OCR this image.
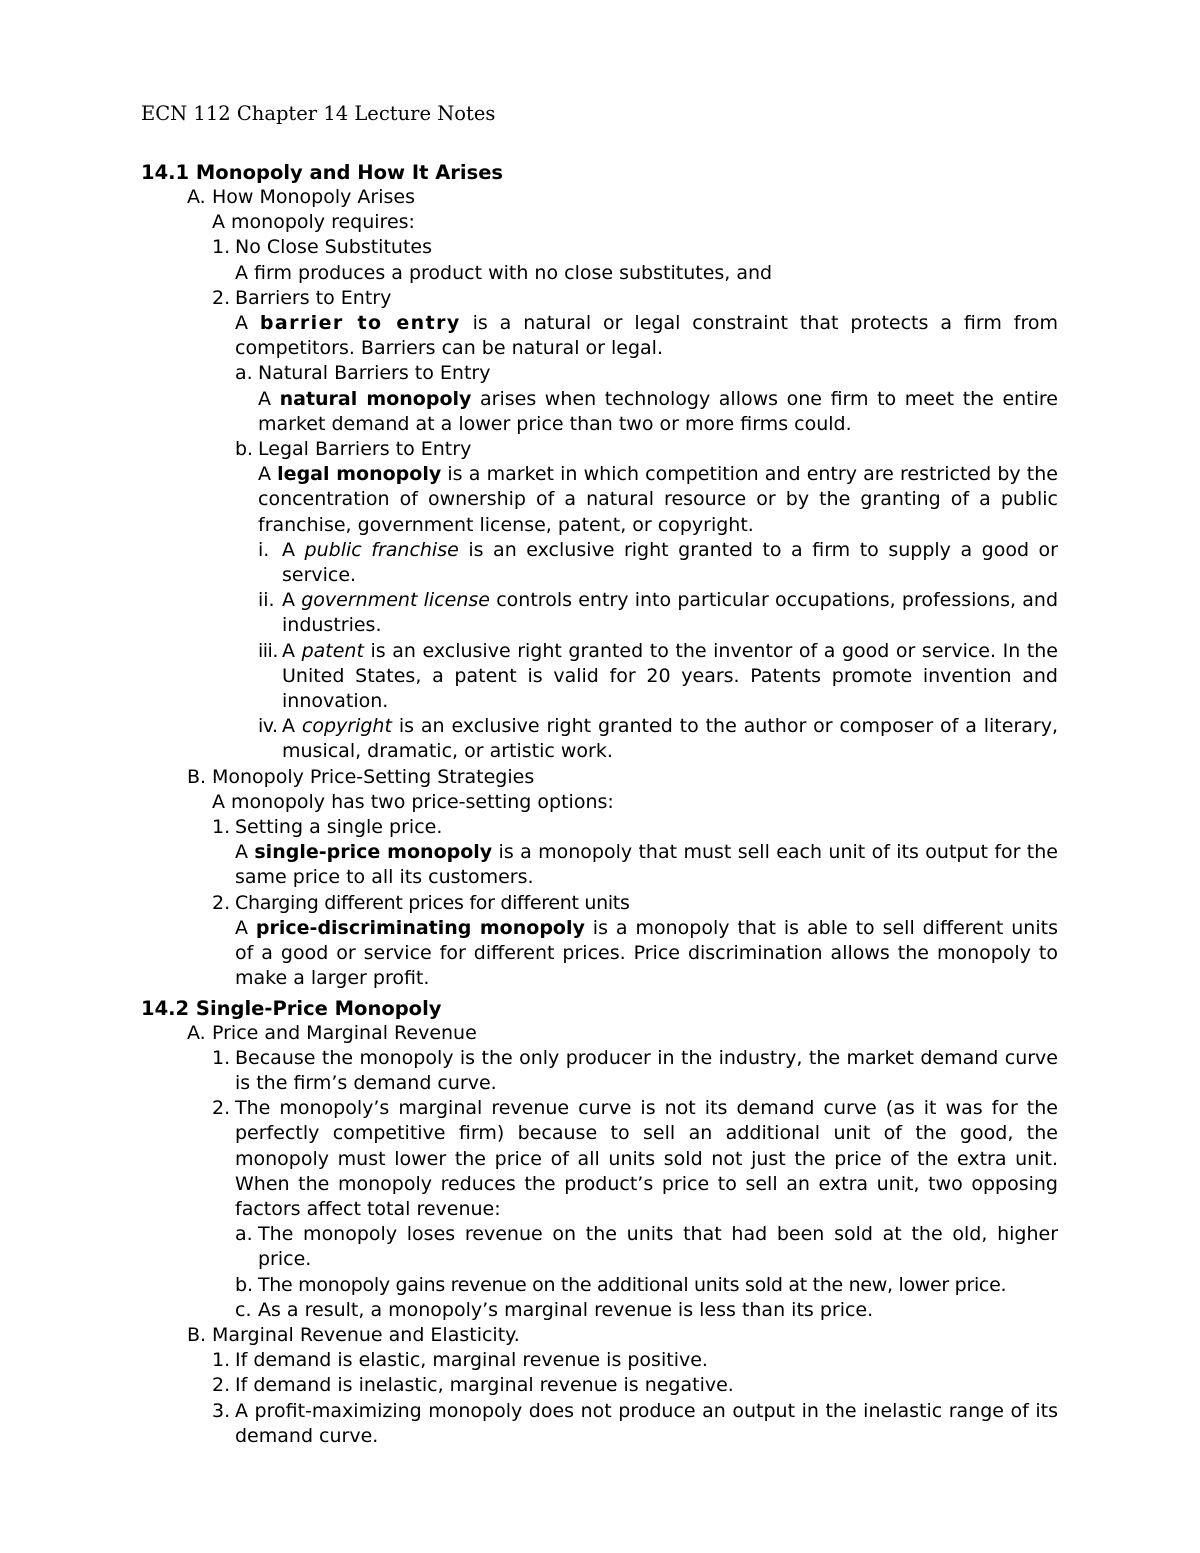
ECN 112 Chapter 14 Lecture Notes
14.1 Monopoly and How It Arises
A. How Monopoly Arises
A monopoly requires:
1. No Close Substitutes
A firm produces a product with no close substitutes, and
2. Barriers to Entry
A barrier to entry is a natural or legal constraint that protects a firm from competitors. Barriers can be natural or legal.
a. Natural Barriers to Entry
A natural monopoly arises when technology allows one firm to meet the entire market demand at a lower price than two or more firms could.
b. Legal Barriers to Entry
A legal monopoly is a market in which competition and entry are restricted by the concentration of ownership of a natural resource or by the granting of a public franchise, government license, patent, or copyright.
i. A public franchise is an exclusive right granted to a firm to supply a good or service.
ii. A government license controls entry into particular occupations, professions, and industries.
iii. A patent is an exclusive right granted to the inventor of a good or service. In the United States, a patent is valid for 20 years. Patents promote invention and innovation.
iv. A copyright is an exclusive right granted to the author or composer of a literary, musical, dramatic, or artistic work.
B. Monopoly Price-Setting Strategies
A monopoly has two price-setting options:
1. Setting a single price.
A single-price monopoly is a monopoly that must sell each unit of its output for the same price to all its customers.
2. Charging different prices for different units
A price-discriminating monopoly is a monopoly that is able to sell different units of a good or service for different prices. Price discrimination allows the monopoly to make a larger profit.
14.2 Single-Price Monopoly
A. Price and Marginal Revenue
1. Because the monopoly is the only producer in the industry, the market demand curve is the firm’s demand curve.
2. The monopoly’s marginal revenue curve is not its demand curve (as it was for the perfectly competitive firm) because to sell an additional unit of the good, the monopoly must lower the price of all units sold not just the price of the extra unit. When the monopoly reduces the product’s price to sell an extra unit, two opposing factors affect total revenue:
a. The monopoly loses revenue on the units that had been sold at the old, higher price.
b. The monopoly gains revenue on the additional units sold at the new, lower price.
c. As a result, a monopoly’s marginal revenue is less than its price.
B. Marginal Revenue and Elasticity.
1. If demand is elastic, marginal revenue is positive.
2. If demand is inelastic, marginal revenue is negative.
3. A profit-maximizing monopoly does not produce an output in the inelastic range of its demand curve.
